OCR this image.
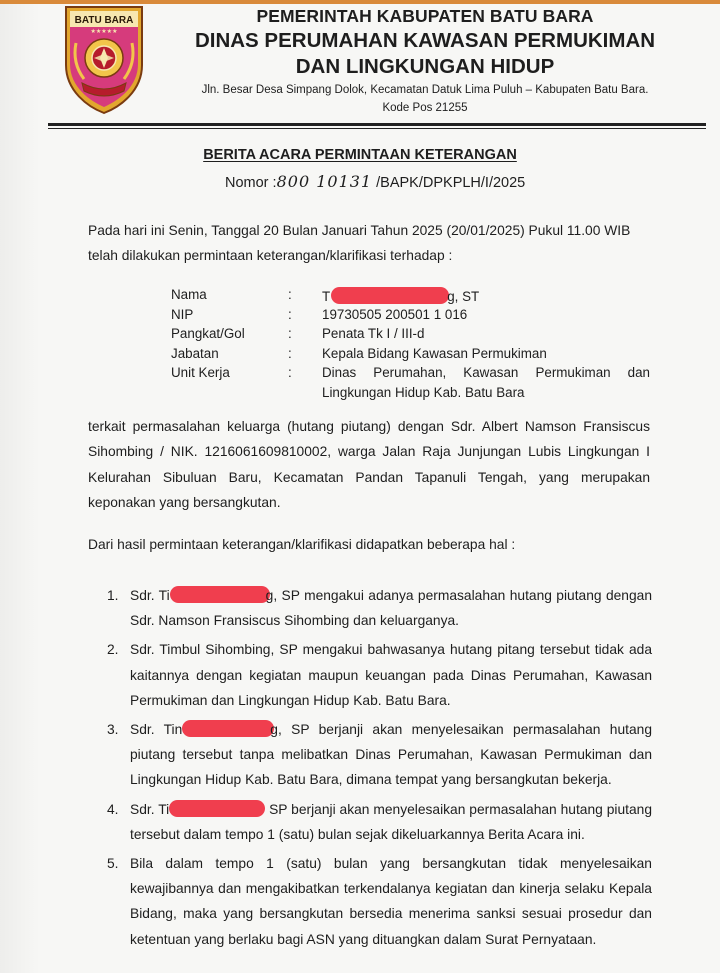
BATU BARA
★★★★★
PEMERINTAH KABUPATEN BATU BARA
DINAS PERUMAHAN KAWASAN PERMUKIMAN
DAN LINGKUNGAN HIDUP
Jln. Besar Desa Simpang Dolok, Kecamatan Datuk Lima Puluh – Kabupaten Batu Bara.
Kode Pos 21255
BERITA ACARA PERMINTAAN KETERANGAN
Nomor :800 10131 /BAPK/DPKPLH/I/2025
Pada hari ini Senin, Tanggal 20 Bulan Januari Tahun 2025 (20/01/2025) Pukul 11.00 WIB
telah dilakukan permintaan keterangan/klarifikasi terhadap :
Nama	: T	g, ST
NIP	: 19730505 200501 1 016
Pangkat/Gol	: Penata Tk I / III-d
Jabatan	: Kepala Bidang Kawasan Permukiman
Unit Kerja	: Dinas Perumahan, Kawasan Permukiman dan
Lingkungan Hidup Kab. Batu Bara
terkait permasalahan keluarga (hutang piutang) dengan Sdr. Albert Namson Fransiscus Sihombing / NIK. 1216061609810002, warga Jalan Raja Junjungan Lubis Lingkungan I Kelurahan Sibuluan Baru, Kecamatan Pandan Tapanuli Tengah, yang merupakan keponakan yang bersangkutan.
Dari hasil permintaan keterangan/klarifikasi didapatkan beberapa hal :
1. Sdr. Ti	g, SP mengakui adanya permasalahan hutang piutang dengan Sdr. Namson Fransiscus Sihombing dan keluarganya.
2. Sdr. Timbul Sihombing, SP mengakui bahwasanya hutang pitang tersebut tidak ada kaitannya dengan kegiatan maupun keuangan pada Dinas Perumahan, Kawasan Permukiman dan Lingkungan Hidup Kab. Batu Bara.
3. Sdr. Tin	g, SP berjanji akan menyelesaikan permasalahan hutang piutang tersebut tanpa melibatkan Dinas Perumahan, Kawasan Permukiman dan Lingkungan Hidup Kab. Batu Bara, dimana tempat yang bersangkutan bekerja.
4. Sdr. Ti	SP berjanji akan menyelesaikan permasalahan hutang piutang tersebut dalam tempo 1 (satu) bulan sejak dikeluarkannya Berita Acara ini.
5. Bila dalam tempo 1 (satu) bulan yang bersangkutan tidak menyelesaikan kewajibannya dan mengakibatkan terkendalanya kegiatan dan kinerja selaku Kepala Bidang, maka yang bersangkutan bersedia menerima sanksi sesuai prosedur dan ketentuan yang berlaku bagi ASN yang dituangkan dalam Surat Pernyataan.
